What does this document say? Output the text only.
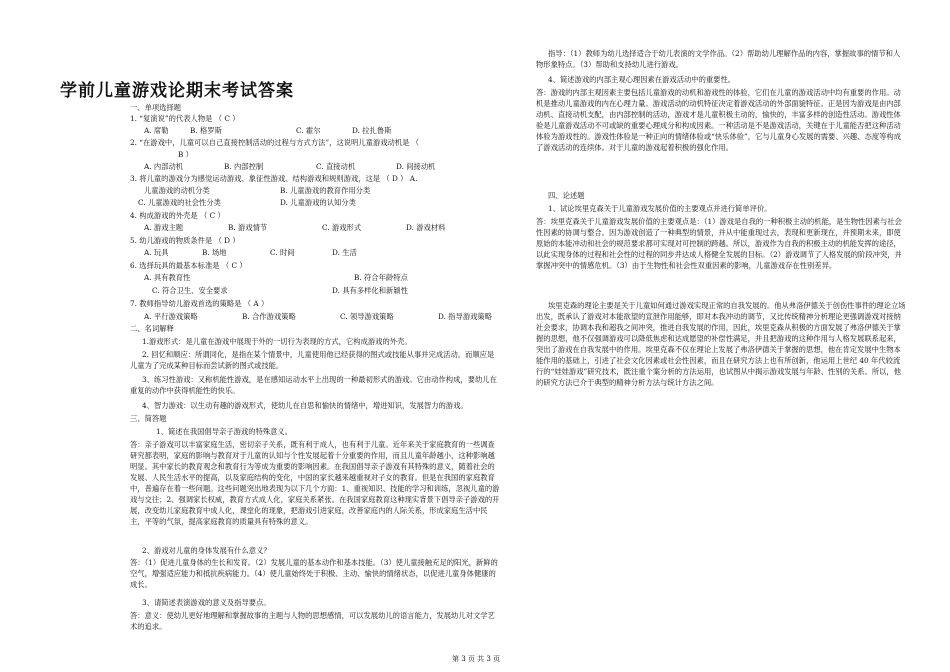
学前儿童游戏论期末考试答案

一、单项选择题

1. “复演说”的代表人物是 （ C ）

A. 席勒	B. 格罗斯	C. 霍尔	D. 拉扎鲁斯

2. “在游戏中，儿童可以自己直接控制活动的过程与方式方法”，这说明儿童游戏动机是 （

B ）

A. 内部动机	B. 内部控制	C. 直接动机	D. 间接动机

3. 将儿童的游戏分为感觉运动游戏、象征性游戏、结构游戏和规则游戏，这是 （ D ） A.

儿童游戏的动机分类	B. 儿童游戏的教育作用分类
C. 儿童游戏的社会性分类	D. 儿童游戏的认知分类

4. 构成游戏的外壳是 （ C ）

A. 游戏主题	B. 游戏情节	C. 游戏形式	D. 游戏材料

5. 幼儿游戏的物质条件是 （ D ）

A. 玩具	B. 场地	C. 时间	D. 生活

6. 选择玩具的最基本标准是 （ C ）

A. 具有教育性	B. 符合年龄特点
C. 符合卫生、安全要求	D. 具有多样化和新颖性

7. 教师指导幼儿游戏首选的策略是 （ A ）

A. 平行游戏策略	B. 合作游戏策略	C. 领导游戏策略	D. 指导游戏策略

二、名词解释

1.游戏形式：是儿童在游戏中展现于外的一切行为表现的方式，它构成游戏的外壳。

2. 回忆和顺应：所谓同化，是指在某个情景中，儿童使用他已经获得的图式或技能从事并完成活动。而顺应是儿童为了完成某种目标而尝试新的图式或技能。

3、练习性游戏：又称机能性游戏，是在感知运动水平上出现的一种最初形式的游戏。它由动作构成，要幼儿在重复的动作中获得机能性的快乐。

4、智力游戏：以生动有趣的游戏形式，使幼儿在自思和愉快的情绪中，增进知识，发展智力的游戏。

三、简答题

1、简述在我国倡导亲子游戏的特殊意义。

答：亲子游戏可以丰富家庭生活，密切亲子关系，既有利于成人，也有利于儿童。近年来关于家庭教育的一些调查研究都表明，家庭的影响与教育对于儿童的认知与个性发展起着十分重要的作用，而且儿童年龄越小，这种影响越明显。其中家长的教育观念和教育行为等成为重要的影响因素。在我国倡导亲子游戏有其特殊的意义，随着社会的发展、人民生活水平的提高，以及家庭结构的变化，中国的家长越来越重视对子女的教育。但是在我国的家庭教育中，普遍存在着一些问题。这些问题突出地表现为以下几个方面：1、重视知识、技能的学习和训练，忽视儿童的游戏与交往；2、强调家长权威，教育方式成人化，家庭关系紧张。在我国家庭教育这种现实背景下倡导亲子游戏的开展，改变幼儿家庭教育中成人化，课堂化的现象，把游戏引进家庭，改善家庭内的人际关系，形成家庭生活中民主，平等的气氛，提高家庭教育的质量具有特殊的意义。

2、游戏对儿童的身体发展有什么意义？

答：（1）促进儿童身体的生长和发育。（2）发展儿童的基本动作和基本技能。（3）使儿童接触充足的阳光，新鲜的空气，增强适应能力和抵抗疾病能力。（4）使儿童始终处于积极、主动、愉快的情绪状态，以促进儿童身体健康的成长。

3、请简述表演游戏的意义及指导要点。

答：意义：使幼儿更好地理解和掌握故事的主题与人物的思想感情，可以发展幼儿的语言能力，发展幼儿对文学艺术的追求。

指导：（1）教师为幼儿选择适合于幼儿表演的文学作品。（2）帮助幼儿理解作品的内容，掌握故事的情节和人物形象特点。（3）帮助和支持幼儿进行游戏。

4、简述游戏的内部主观心理因素在游戏活动中的重要性。

答：游戏的内部主观因素主要包括儿童游戏的动机和游戏性的体验，它们在儿童的游戏活动中均有重要的作用。动机是推动儿童游戏的内在心理力量。游戏活动的动机特征决定着游戏活动的外部面貌特征。正是因为游戏是由内部动机、直接动机支配，由内部控制的活动，游戏才是儿童积极主动的，愉快的，丰富多样的创造性活动。游戏性体验是儿童游戏活动不可或缺的重要心理成分和构成因素。一种活动是不是游戏活动，关键在于儿童能否把这种活动体验为游戏性的。游戏性体验是一种正向的情绪体验或“快乐体验”，它与儿童身心发展的需要、兴趣、态度等构成了游戏活动的连续体。对于儿童的游戏起着积极的强化作用。

四、论述题

1、试论埃里克森关于儿童游戏发展价值的主要观点并进行简单评价。

答：埃里克森关于儿童游戏发展价值的主要观点是：（1）游戏是自我的一种积极主动的机能，是生物性因素与社会性因素的协调与整合。因为游戏创造了一种典型的情景，并从中能重现过去，表现和更新现在，并预期未来，即使原始的本能冲动和社会的规范要求都可实现对可控制的跨越。所以，游戏作为自我的积极主动的机能发挥的途径，以此实现身体的过程和社会性的过程的同步并达成人格健全发展的目标。（2）游戏调节了人格发展的阶段冲突，并掌握冲突中的情感危机。（3）由于生物性和社会性双重因素的影响，儿童游戏存在性别差异。

埃里克森的理论主要是关于儿童如何通过游戏实现正常的自我发展的。他从弗洛伊德关于创伤性事件的理论立场出发，既承认了游戏对本能欲望的宣泄作用能够，即对本我冲动的调节，又比传统精神分析理论更强调游戏对接纳社会要求，协调本我和超我之间冲突，推进自我发展的作用，因此，埃里克森从积极的方面发展了弗洛伊德关于掌握的思想，他不仅强调游戏可以降低焦虑和达成愿望的补偿性满足，并且把游戏的这种作用与人格发展联系起来，突出了游戏在自我发展中的作用。埃里克森不仅在理论上发展了弗洛伊德关于掌握的思想，他在肯定发展中生物本能作用的基础上，引进了社会文化因素或社会性因素，而且在研究方法上也有所创新，他运用上世纪 40 年代较流行的“娃娃游戏”研究技术，既注重个案分析的方法运用，也试图从中揭示游戏发展与年龄、性别的关系。所以，他的研究方法已介于典型的精神分析方法与统计方法之间。

第 3 页 共 3 页
